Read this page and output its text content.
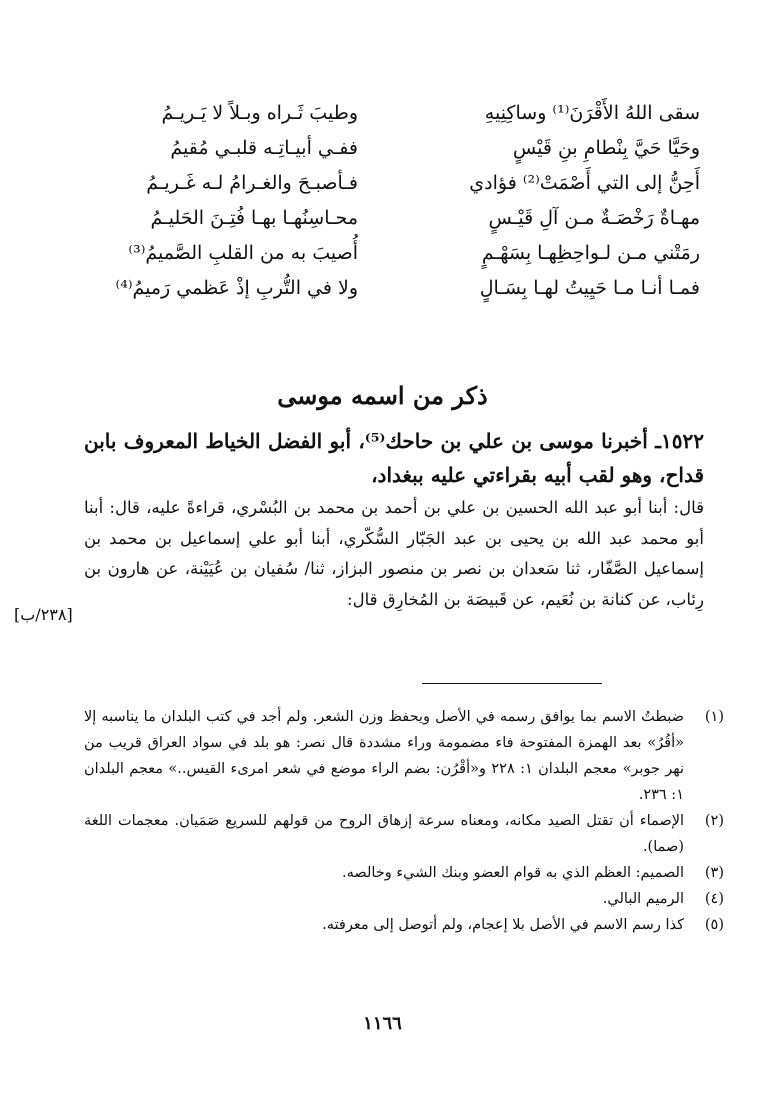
سقى اللهُ الأَقْرَنَ⁽¹⁾ وساكِنِيهِ
وطيبَ ثَـراه وبـلاً لا يَـريـمُ
وحَيَّا حَيَّ بِنْطامِ بنِ قَيْسٍ
ففـي أبيـاتِـه قلبـي مُقيمُ
أَحِنُّ إلى التي أَصْمَتْ⁽²⁾ فؤادي
فـأصبـحَ والغـرامُ لـه غَـريـمُ
مهـاةٌ رَخْصَـةٌ مـن آلِ قَيْـسٍ
محـاسِنُهـا بهـا فُتِـنَ الحَليـمُ
رمَتْني مـن لـواحِظِهـا بِسَهْـمٍ
أُصيبَ به من القلبِ الصَّميمُ⁽³⁾
فمـا أنـا مـا حَيِيتُ لهـا بِسَـالٍ
ولا في التُّربِ إذْ عَظمي رَميمُ⁽⁴⁾
ذكر من اسمه موسى
١٥٢٢ـ أخبرنا موسى بن علي بن حاحك⁽⁵⁾، أبو الفضل الخياط المعروف بابن قداح، وهو لقب أبيه بقراءتي عليه ببغداد،
قال: أبنا أبو عبد الله الحسين بن علي بن أحمد بن محمد بن البُسْري، قراءةً عليه، قال: أبنا أبو محمد عبد الله بن يحيى بن عبد الجَبّار السُّكّري، أبنا أبو علي إسماعيل بن محمد بن إسماعيل الصَّفّار، ثنا سَعدان بن نصر بن منصور البزاز، ثنا/ سُفيان بن عُيَيْنة، عن هارون بن رِئاب، عن كنانة بن نُعَيم، عن قَبيصَة بن المُخارِق قال:
[٢٣٨/ب]
(١)
ضبطتُ الاسم بما يوافق رسمه في الأصل ويحفظ وزن الشعر. ولم أجد في كتب البلدان ما يناسبه إلا «أقُرُ» بعد الهمزة المفتوحة فاء مضمومة وراء مشددة قال نصر: هو بلد في سواد العراق قريب من نهر جوبر» معجم البلدان ١: ٢٢٨ و«أقْرُن: بضم الراء موضع في شعر امرىء القيس..» معجم البلدان ١: ٢٣٦.
(٢)
الإصماء أن تقتل الصيد مكانه، ومعناه سرعة إزهاق الروح من قولهم للسريع صَمَيان. معجمات اللغة (صما).
(٣)
الصميم: العظم الذي به قوام العضو وبنك الشيء وخالصه.
(٤)
الرميم البالي.
(٥)
كذا رسم الاسم في الأصل بلا إعجام، ولم أتوصل إلى معرفته.
١١٦٦
